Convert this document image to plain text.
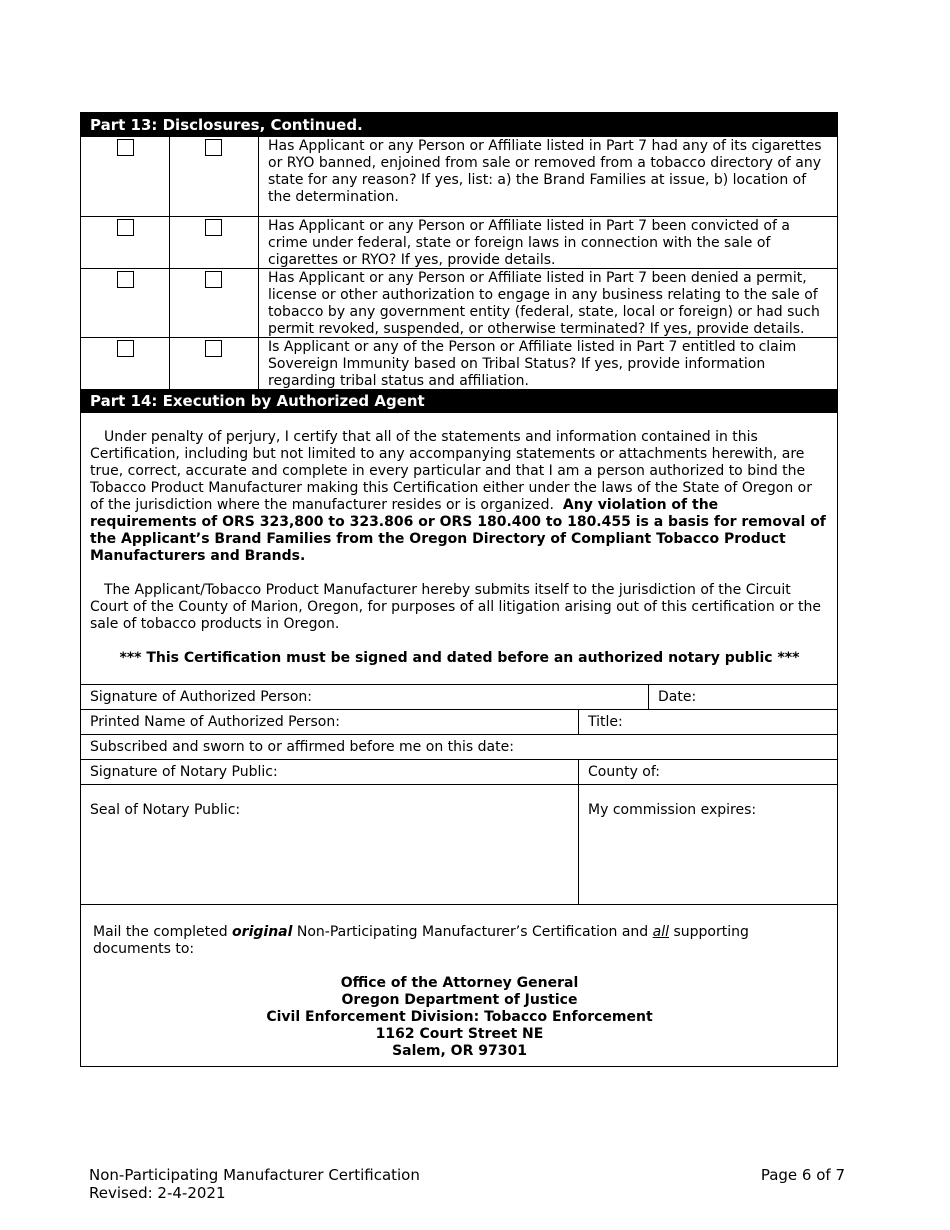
Part 13: Disclosures, Continued.
Has Applicant or any Person or Affiliate listed in Part 7 had any of its cigarettes or RYO banned, enjoined from sale or removed from a tobacco directory of any state for any reason? If yes, list: a) the Brand Families at issue, b) location of the determination.
Has Applicant or any Person or Affiliate listed in Part 7 been convicted of a crime under federal, state or foreign laws in connection with the sale of cigarettes or RYO? If yes, provide details.
Has Applicant or any Person or Affiliate listed in Part 7 been denied a permit, license or other authorization to engage in any business relating to the sale of tobacco by any government entity (federal, state, local or foreign) or had such permit revoked, suspended, or otherwise terminated? If yes, provide details.
Is Applicant or any of the Person or Affiliate listed in Part 7 entitled to claim Sovereign Immunity based on Tribal Status? If yes, provide information regarding tribal status and affiliation.
Part 14: Execution by Authorized Agent

Under penalty of perjury, I certify that all of the statements and information contained in this Certification, including but not limited to any accompanying statements or attachments herewith, are true, correct, accurate and complete in every particular and that I am a person authorized to bind the Tobacco Product Manufacturer making this Certification either under the laws of the State of Oregon or of the jurisdiction where the manufacturer resides or is organized. Any violation of the requirements of ORS 323,800 to 323.806 or ORS 180.400 to 180.455 is a basis for removal of the Applicant’s Brand Families from the Oregon Directory of Compliant Tobacco Product Manufacturers and Brands.

The Applicant/Tobacco Product Manufacturer hereby submits itself to the jurisdiction of the Circuit Court of the County of Marion, Oregon, for purposes of all litigation arising out of this certification or the sale of tobacco products in Oregon.

*** This Certification must be signed and dated before an authorized notary public ***

Signature of Authorized Person:	Date:
Printed Name of Authorized Person:	Title:
Subscribed and sworn to or affirmed before me on this date:
Signature of Notary Public:	County of:
Seal of Notary Public:	My commission expires:

Mail the completed original Non-Participating Manufacturer’s Certification and all supporting documents to:

Office of the Attorney General
Oregon Department of Justice
Civil Enforcement Division: Tobacco Enforcement
1162 Court Street NE
Salem, OR 97301
Non-Participating Manufacturer Certification
Revised: 2-4-2021
Page 6 of 7
